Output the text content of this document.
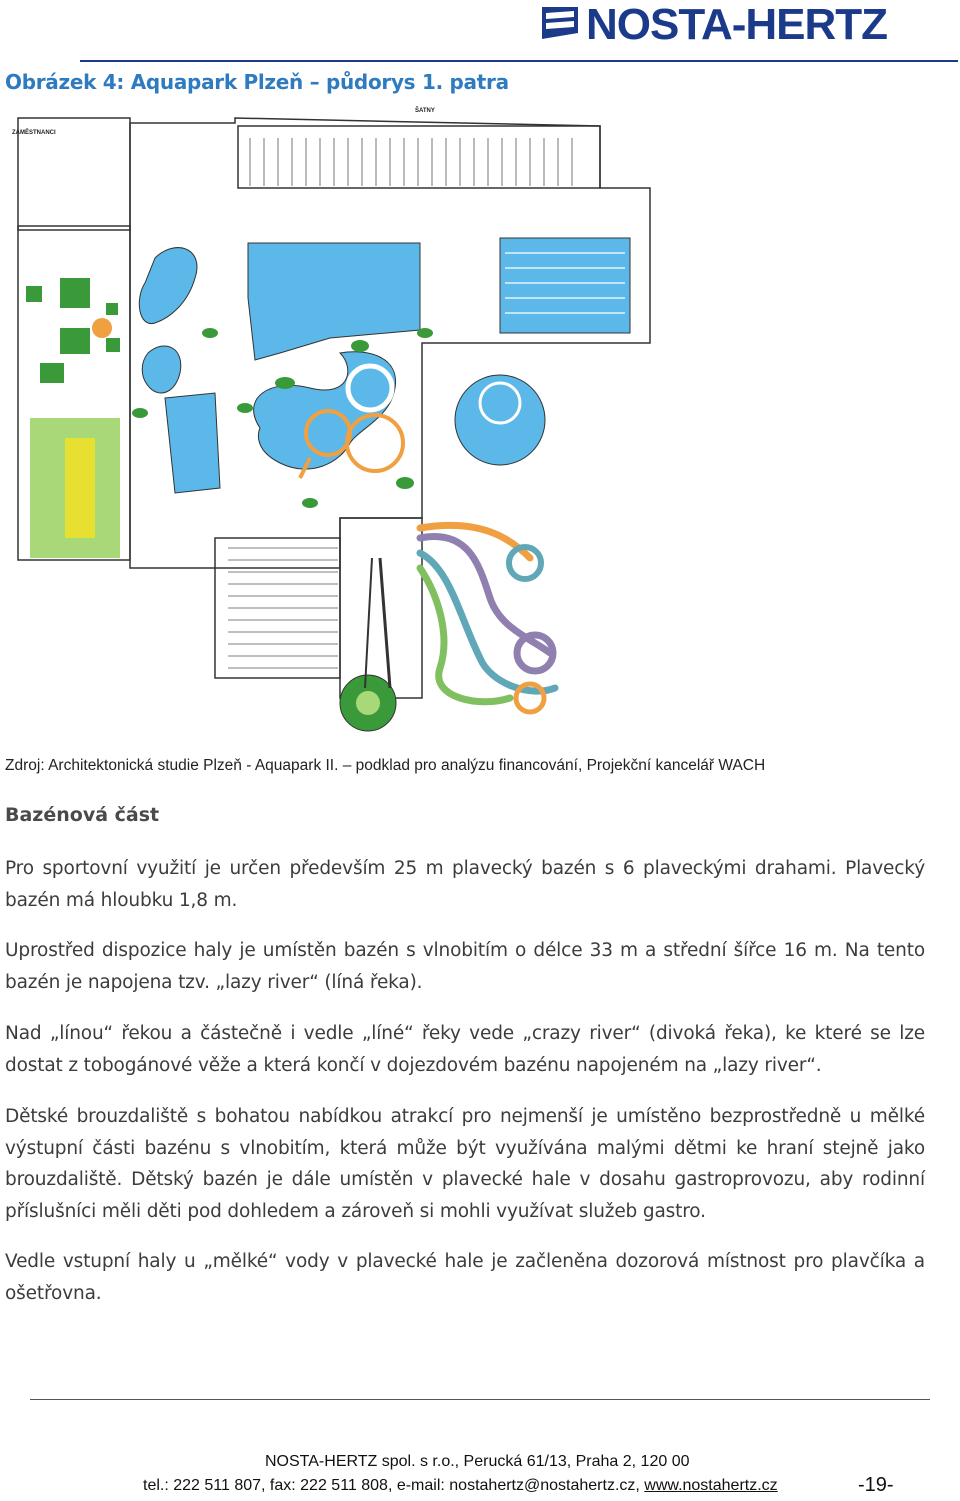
NOSTA-HERTZ
Obrázek 4: Aquapark Plzeň – půdorys 1. patra
ZAMĚSTNANCI
ŠATNY
Zdroj: Architektonická studie Plzeň - Aquapark II. – podklad pro analýzu financování, Projekční kancelář WACH
Bazénová část
Pro sportovní využití je určen především 25 m plavecký bazén s 6 plaveckými drahami. Plavecký bazén má hloubku 1,8 m.
Uprostřed dispozice haly je umístěn bazén s vlnobitím o délce 33 m a střední šířce 16 m. Na tento bazén je napojena tzv. „lazy river“ (líná řeka).
Nad „línou“ řekou a částečně i vedle „líné“ řeky vede „crazy river“ (divoká řeka), ke které se lze dostat z tobogánové věže a která končí v dojezdovém bazénu napojeném na „lazy river“.
Dětské brouzdaliště s bohatou nabídkou atrakcí pro nejmenší je umístěno bezprostředně u mělké výstupní části bazénu s vlnobitím, která může být využívána malými dětmi ke hraní stejně jako brouzdaliště. Dětský bazén je dále umístěn v plavecké hale v dosahu gastroprovozu, aby rodinní příslušníci měli děti pod dohledem a zároveň si mohli využívat služeb gastro.
Vedle vstupní haly u „mělké“ vody v plavecké hale je začleněna dozorová místnost pro plavčíka a ošetřovna.
NOSTA-HERTZ spol. s r.o., Perucká 61/13, Praha 2, 120 00
tel.: 222 511 807, fax: 222 511 808, e-mail: nostahertz@nostahertz.cz, www.nostahertz.cz	-19-
